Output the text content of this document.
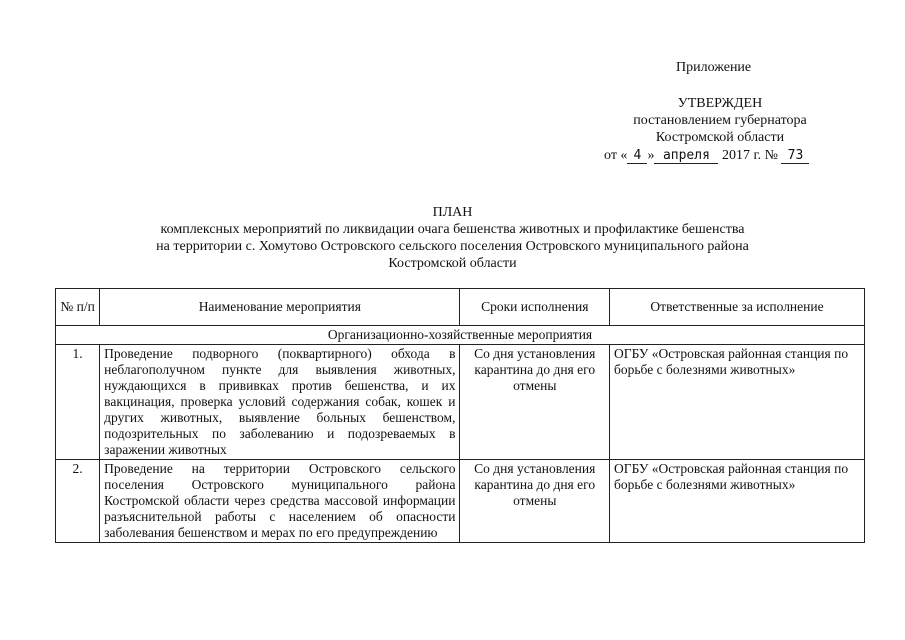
Приложение
УТВЕРЖДЕН
постановлением губернатора
Костромской области
от « 4 » апреля 2017 г. № 73
ПЛАН
комплексных мероприятий по ликвидации очага бешенства животных и профилактике бешенства
на территории с. Хомутово Островского сельского поселения Островского муниципального района
Костромской области
№ п/п	Наименование мероприятия	Сроки исполнения	Ответственные за исполнение
Организационно-хозяйственные мероприятия			
1.	Проведение подворного (поквартирного) обхода в неблагополучном пункте для выявления животных, нуждающихся в прививках против бешенства, и их вакцинация, проверка условий содержания собак, кошек и других животных, выявление больных бешенством, подозрительных по заболеванию и подозреваемых в заражении животных	Со дня установления карантина до дня его отмены	ОГБУ «Островская районная станция по борьбе с болезнями животных»
2.	Проведение на территории Островского сельского поселения Островского муниципального района Костромской области через средства массовой информации разъяснительной работы с населением об опасности заболевания бешенством и мерах по его предупреждению	Со дня установления карантина до дня его отмены	ОГБУ «Островская районная станция по борьбе с болезнями животных»
